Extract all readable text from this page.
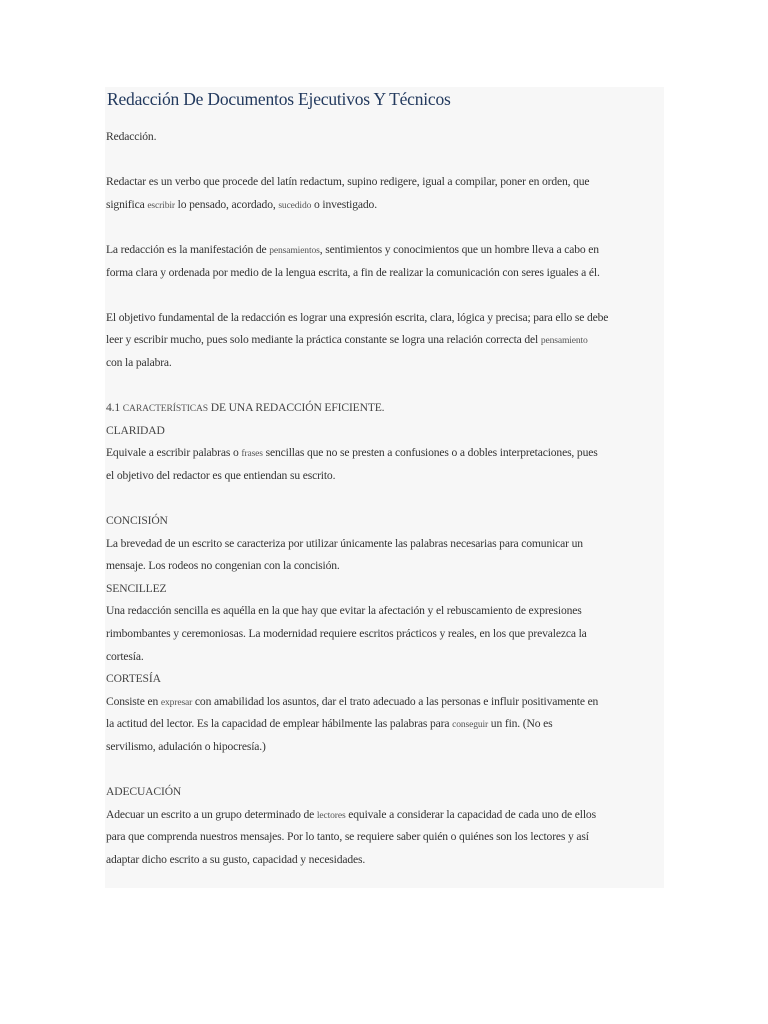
Redacción De Documentos Ejecutivos Y Técnicos
Redacción.
Redactar es un verbo que procede del latín redactum, supino redigere, igual a compilar, poner en orden, que
significa escribir lo pensado, acordado, sucedido o investigado.
La redacción es la manifestación de pensamientos, sentimientos y conocimientos que un hombre lleva a cabo en
forma clara y ordenada por medio de la lengua escrita, a fin de realizar la comunicación con seres iguales a él.
El objetivo fundamental de la redacción es lograr una expresión escrita, clara, lógica y precisa; para ello se debe
leer y escribir mucho, pues solo mediante la práctica constante se logra una relación correcta del pensamiento
con la palabra.
4.1 CARACTERÍSTICAS DE UNA REDACCIÓN EFICIENTE.
CLARIDAD
Equivale a escribir palabras o frases sencillas que no se presten a confusiones o a dobles interpretaciones, pues
el objetivo del redactor es que entiendan su escrito.
CONCISIÓN
La brevedad de un escrito se caracteriza por utilizar únicamente las palabras necesarias para comunicar un
mensaje. Los rodeos no congenian con la concisión.
SENCILLEZ
Una redacción sencilla es aquélla en la que hay que evitar la afectación y el rebuscamiento de expresiones
rimbombantes y ceremoniosas. La modernidad requiere escritos prácticos y reales, en los que prevalezca la
cortesía.
CORTESÍA
Consiste en expresar con amabilidad los asuntos, dar el trato adecuado a las personas e influir positivamente en
la actitud del lector. Es la capacidad de emplear hábilmente las palabras para conseguir un fin. (No es
servilismo, adulación o hipocresía.)
ADECUACIÓN
Adecuar un escrito a un grupo determinado de lectores equivale a considerar la capacidad de cada uno de ellos
para que comprenda nuestros mensajes. Por lo tanto, se requiere saber quién o quiénes son los lectores y así
adaptar dicho escrito a su gusto, capacidad y necesidades.
